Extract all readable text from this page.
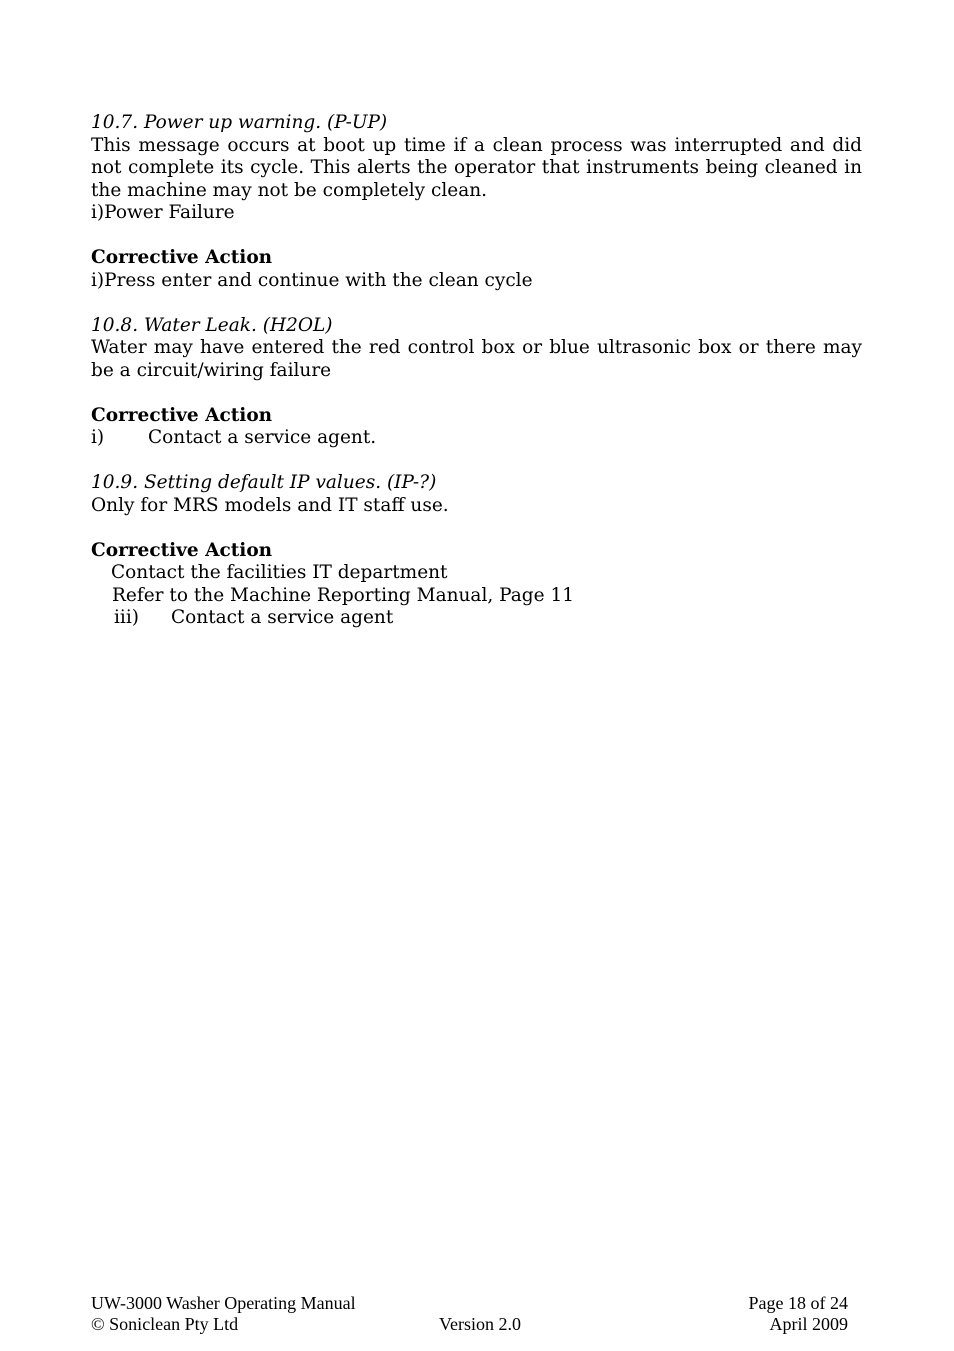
10.7. Power up warning. (P-UP)
This message occurs at boot up time if a clean process was interrupted and did not complete its cycle. This alerts the operator that instruments being cleaned in the machine may not be completely clean.
i)Power Failure
Corrective Action
i)Press enter and continue with the clean cycle
10.8. Water Leak. (H2OL)
Water may have entered the red control box or blue ultrasonic box or there may be a circuit/wiring failure
Corrective Action
i)	Contact a service agent.
10.9. Setting default IP values. (IP-?)
Only for MRS models and IT staff use.
Corrective Action
Contact the facilities IT department
Refer to the Machine Reporting Manual, Page 11
iii)	Contact a service agent
UW-3000 Washer Operating Manual	Page 18 of 24
© Soniclean Pty Ltd	Version 2.0	April 2009
